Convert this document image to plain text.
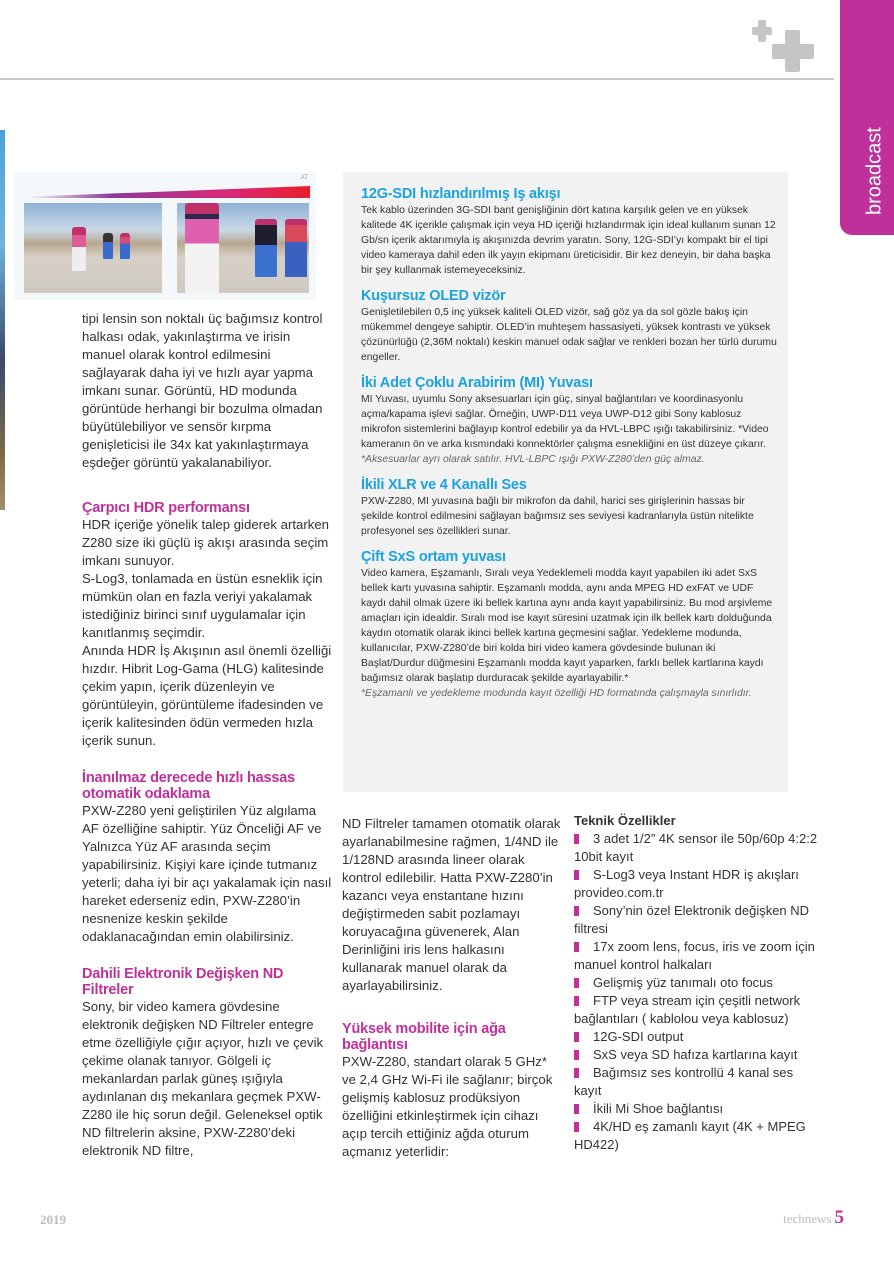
broadcast
AT

tipi lensin son noktalı üç bağımsız kontrol halkası odak, yakınlaştırma ve irisin manuel olarak kontrol edilmesini sağlayarak daha iyi ve hızlı ayar yapma imkanı sunar. Görüntü, HD modunda görüntüde herhangi bir bozulma olmadan büyütülebiliyor ve sensör kırpma genişleticisi ile 34x kat yakınlaştırmaya eşdeğer görüntü yakalanabiliyor.

Çarpıcı HDR performansı

HDR içeriğe yönelik talep giderek artarken Z280 size iki güçlü iş akışı arasında seçim imkanı sunuyor.

S-Log3, tonlamada en üstün esneklik için mümkün olan en fazla veriyi yakalamak istediğiniz birinci sınıf uygulamalar için kanıtlanmış seçimdir.

Anında HDR İş Akışının asıl önemli özelliği hızdır. Hibrit Log-Gama (HLG) kalitesinde çekim yapın, içerik düzenleyin ve görüntüleyin, görüntüleme ifadesinden ve içerik kalitesinden ödün vermeden hızla içerik sunun.

İnanılmaz derecede hızlı hassas otomatik odaklama

PXW-Z280 yeni geliştirilen Yüz algılama AF özelliğine sahiptir. Yüz Önceliği AF ve Yalnızca Yüz AF arasında seçim yapabilirsiniz. Kişiyi kare içinde tutmanız yeterli; daha iyi bir açı yakalamak için nasıl hareket ederseniz edin, PXW-Z280’in nesnenize keskin şekilde odaklanacağından emin olabilirsiniz.

Dahili Elektronik Değişken ND Filtreler

Sony, bir video kamera gövdesine elektronik değişken ND Filtreler entegre etme özelliğiyle çığır açıyor, hızlı ve çevik çekime olanak tanıyor. Gölgeli iç mekanlardan parlak güneş ışığıyla aydınlanan dış mekanlara geçmek PXW-Z280 ile hiç sorun değil. Geleneksel optik ND filtrelerin aksine, PXW-Z280’deki elektronik ND filtre,

12G-SDI hızlandırılmış Iş akışı

Tek kablo üzerinden 3G-SDI bant genişliğinin dört katına karşılık gelen ve en yüksek kalitede 4K içerikle çalışmak için veya HD içeriği hızlandırmak için ideal kullanım sunan 12 Gb/sn içerik aktarımıyla iş akışınızda devrim yaratın. Sony, 12G-SDI’yı kompakt bir el tipi video kameraya dahil eden ilk yayın ekipmanı üreticisidir. Bir kez deneyin, bir daha başka bir şey kullanmak istemeyeceksiniz.

Kuşursuz OLED vizör

Genişletilebilen 0,5 inç yüksek kaliteli OLED vizör, sağ göz ya da sol gözle bakış için mükemmel dengeye sahiptir. OLED’in muhteşem hassasiyeti, yüksek kontrastı ve yüksek çözünürlüğü (2,36M noktalı) keskin manuel odak sağlar ve renkleri bozan her türlü durumu engeller.

İki Adet Çoklu Arabirim (MI) Yuvası

MI Yuvası, uyumlu Sony aksesuarları için güç, sinyal bağlantıları ve koordinasyonlu açma/kapama işlevi sağlar. Örneğin, UWP-D11 veya UWP-D12 gibi Sony kablosuz mikrofon sistemlerini bağlayıp kontrol edebilir ya da HVL-LBPC ışığı takabilirsiniz. *Video kameranın ön ve arka kısmındaki konnektörler çalışma esnekliğini en üst düzeye çıkarır.

*Aksesuarlar ayrı olarak satılır. HVL-LBPC ışığı PXW-Z280’den güç almaz.

İkili XLR ve 4 Kanallı Ses

PXW-Z280, MI yuvasına bağlı bir mikrofon da dahil, harici ses girişlerinin hassas bir şekilde kontrol edilmesini sağlayan bağımsız ses seviyesi kadranlarıyla üstün nitelikte profesyonel ses özellikleri sunar.

Çift SxS ortam yuvası

Video kamera, Eşzamanlı, Sıralı veya Yedeklemeli modda kayıt yapabilen iki adet SxS bellek kartı yuvasına sahiptir. Eşzamanlı modda, aynı anda MPEG HD exFAT ve UDF kaydı dahil olmak üzere iki bellek kartına aynı anda kayıt yapabilirsiniz. Bu mod arşivleme amaçları için idealdir. Sıralı mod ise kayıt süresini uzatmak için ilk bellek kartı dolduğunda kaydın otomatik olarak ikinci bellek kartına geçmesini sağlar. Yedekleme modunda, kullanıcılar, PXW-Z280’de biri kolda biri video kamera gövdesinde bulunan iki Başlat/Durdur düğmesini Eşzamanlı modda kayıt yaparken, farklı bellek kartlarına kaydı bağımsız olarak başlatıp durduracak şekilde ayarlayabilir.*

*Eşzamanlı ve yedekleme modunda kayıt özelliği HD formatında çalışmayla sınırlıdır.

ND Filtreler tamamen otomatik olarak ayarlanabilmesine rağmen, 1/4ND ile 1/128ND arasında lineer olarak kontrol edilebilir. Hatta PXW-Z280’in kazancı veya enstantane hızını değiştirmeden sabit pozlamayı koruyacağına güvenerek, Alan Derinliğini iris lens halkasını kullanarak manuel olarak da ayarlayabilirsiniz.

Yüksek mobilite için ağa bağlantısı

PXW-Z280, standart olarak 5 GHz* ve 2,4 GHz Wi-Fi ile sağlanır; birçok gelişmiş kablosuz prodüksiyon özelliğini etkinleştirmek için cihazı açıp tercih ettiğiniz ağda oturum açmanız yeterlidir:

Teknik Özellikler

3 adet 1/2” 4K sensor ile 50p/60p 4:2:2 10bit kayıt

S-Log3 veya Instant HDR iş akışları provideo.com.tr

Sony’nin özel Elektronik değişken ND filtresi

17x zoom lens, focus, iris ve zoom için manuel kontrol halkaları

Gelişmiş yüz tanımalı oto focus

FTP veya stream için çeşitli network bağlantıları ( kablolou veya kablosuz)

12G-SDI output

SxS veya SD hafıza kartlarına kayıt

Bağımsız ses kontrollü 4 kanal ses kayıt

İkili Mi Shoe bağlantısı

4K/HD eş zamanlı kayıt (4K + MPEG HD422)

2019	technews 5
